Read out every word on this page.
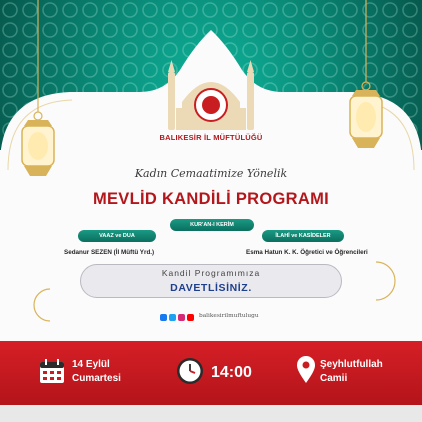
BALIKESİR İL MÜFTÜLÜĞÜ
Kadın Cemaatimize Yönelik
MEVLİD KANDİLİ PROGRAMI
KUR'AN-I KERİM
VAAZ ve DUA	İLAHİ ve KASİDELER
Sedanur SEZEN (İl Müftü Yrd.)	Esma Hatun K. K. Öğretici ve Öğrencileri
Kandil Programımıza
DAVETLİSİNİZ.
balikesirilmuftulugu
14 Eylül
Cumartesi	14:00	Şeyhlutfullah
Camii
